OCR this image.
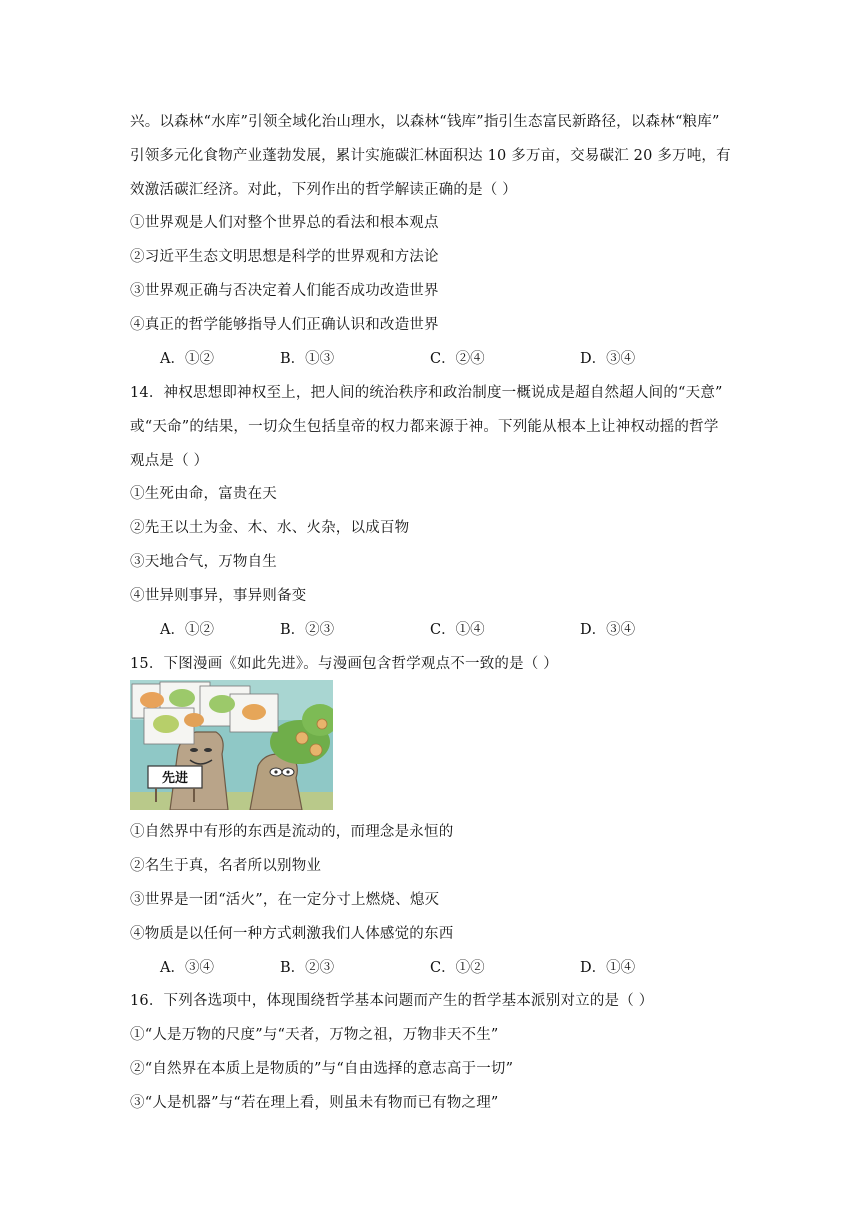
兴。以森林“水库”引领全域化治山理水，以森林“钱库”指引生态富民新路径，以森林“粮库”
引领多元化食物产业蓬勃发展，累计实施碳汇林面积达 10 多万亩，交易碳汇 20 多万吨，有
效激活碳汇经济。对此，下列作出的哲学解读正确的是（ ）
①世界观是人们对整个世界总的看法和根本观点
②习近平生态文明思想是科学的世界观和方法论
③世界观正确与否决定着人们能否成功改造世界
④真正的哲学能够指导人们正确认识和改造世界
A．①②	B．①③	C．②④	D．③④
14．神权思想即神权至上，把人间的统治秩序和政治制度一概说成是超自然超人间的“天意”
或“天命”的结果，一切众生包括皇帝的权力都来源于神。下列能从根本上让神权动摇的哲学
观点是（ ）
①生死由命，富贵在天
②先王以土为金、木、水、火杂，以成百物
③天地合气，万物自生
④世异则事异，事异则备变
A．①②	B．②③	C．①④	D．③④
15．下图漫画《如此先进》。与漫画包含哲学观点不一致的是（ ）
先进
①自然界中有形的东西是流动的，而理念是永恒的
②名生于真，名者所以别物业
③世界是一团“活火”，在一定分寸上燃烧、熄灭
④物质是以任何一种方式刺激我们人体感觉的东西
A．③④	B．②③	C．①②	D．①④
16．下列各选项中，体现围绕哲学基本问题而产生的哲学基本派别对立的是（ ）
①“人是万物的尺度”与“天者，万物之祖，万物非天不生”
②“自然界在本质上是物质的”与“自由选择的意志高于一切”
③“人是机器”与“若在理上看，则虽未有物而已有物之理”
